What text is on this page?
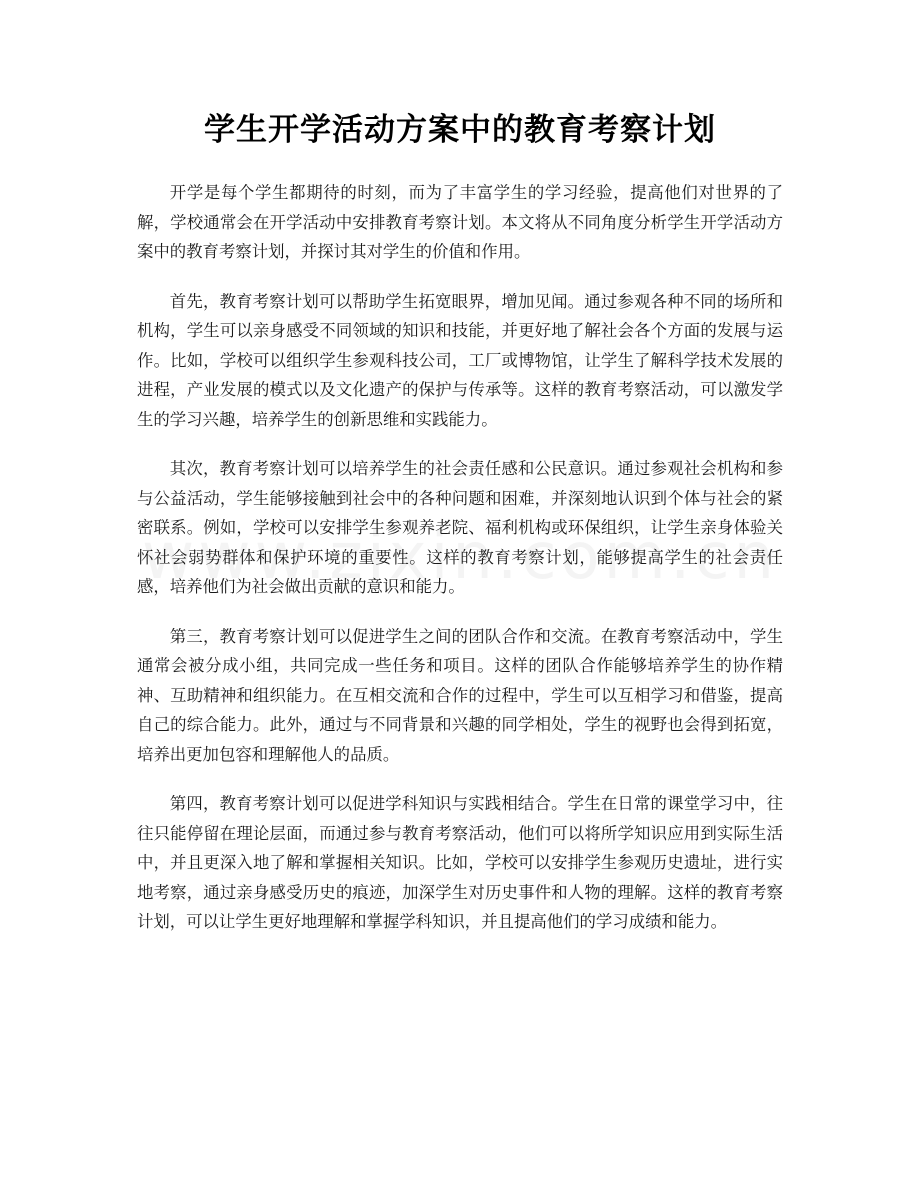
学生开学活动方案中的教育考察计划

开学是每个学生都期待的时刻，而为了丰富学生的学习经验，提高他们对世界的了解，学校通常会在开学活动中安排教育考察计划。本文将从不同角度分析学生开学活动方案中的教育考察计划，并探讨其对学生的价值和作用。

首先，教育考察计划可以帮助学生拓宽眼界，增加见闻。通过参观各种不同的场所和机构，学生可以亲身感受不同领域的知识和技能，并更好地了解社会各个方面的发展与运作。比如，学校可以组织学生参观科技公司，工厂或博物馆，让学生了解科学技术发展的进程，产业发展的模式以及文化遗产的保护与传承等。这样的教育考察活动，可以激发学生的学习兴趣，培养学生的创新思维和实践能力。

其次，教育考察计划可以培养学生的社会责任感和公民意识。通过参观社会机构和参与公益活动，学生能够接触到社会中的各种问题和困难，并深刻地认识到个体与社会的紧密联系。例如，学校可以安排学生参观养老院、福利机构或环保组织，让学生亲身体验关怀社会弱势群体和保护环境的重要性。这样的教育考察计划，能够提高学生的社会责任感，培养他们为社会做出贡献的意识和能力。

第三，教育考察计划可以促进学生之间的团队合作和交流。在教育考察活动中，学生通常会被分成小组，共同完成一些任务和项目。这样的团队合作能够培养学生的协作精神、互助精神和组织能力。在互相交流和合作的过程中，学生可以互相学习和借鉴，提高自己的综合能力。此外，通过与不同背景和兴趣的同学相处，学生的视野也会得到拓宽，培养出更加包容和理解他人的品质。

第四，教育考察计划可以促进学科知识与实践相结合。学生在日常的课堂学习中，往往只能停留在理论层面，而通过参与教育考察活动，他们可以将所学知识应用到实际生活中，并且更深入地了解和掌握相关知识。比如，学校可以安排学生参观历史遗址，进行实地考察，通过亲身感受历史的痕迹，加深学生对历史事件和人物的理解。这样的教育考察计划，可以让学生更好地理解和掌握学科知识，并且提高他们的学习成绩和能力。
